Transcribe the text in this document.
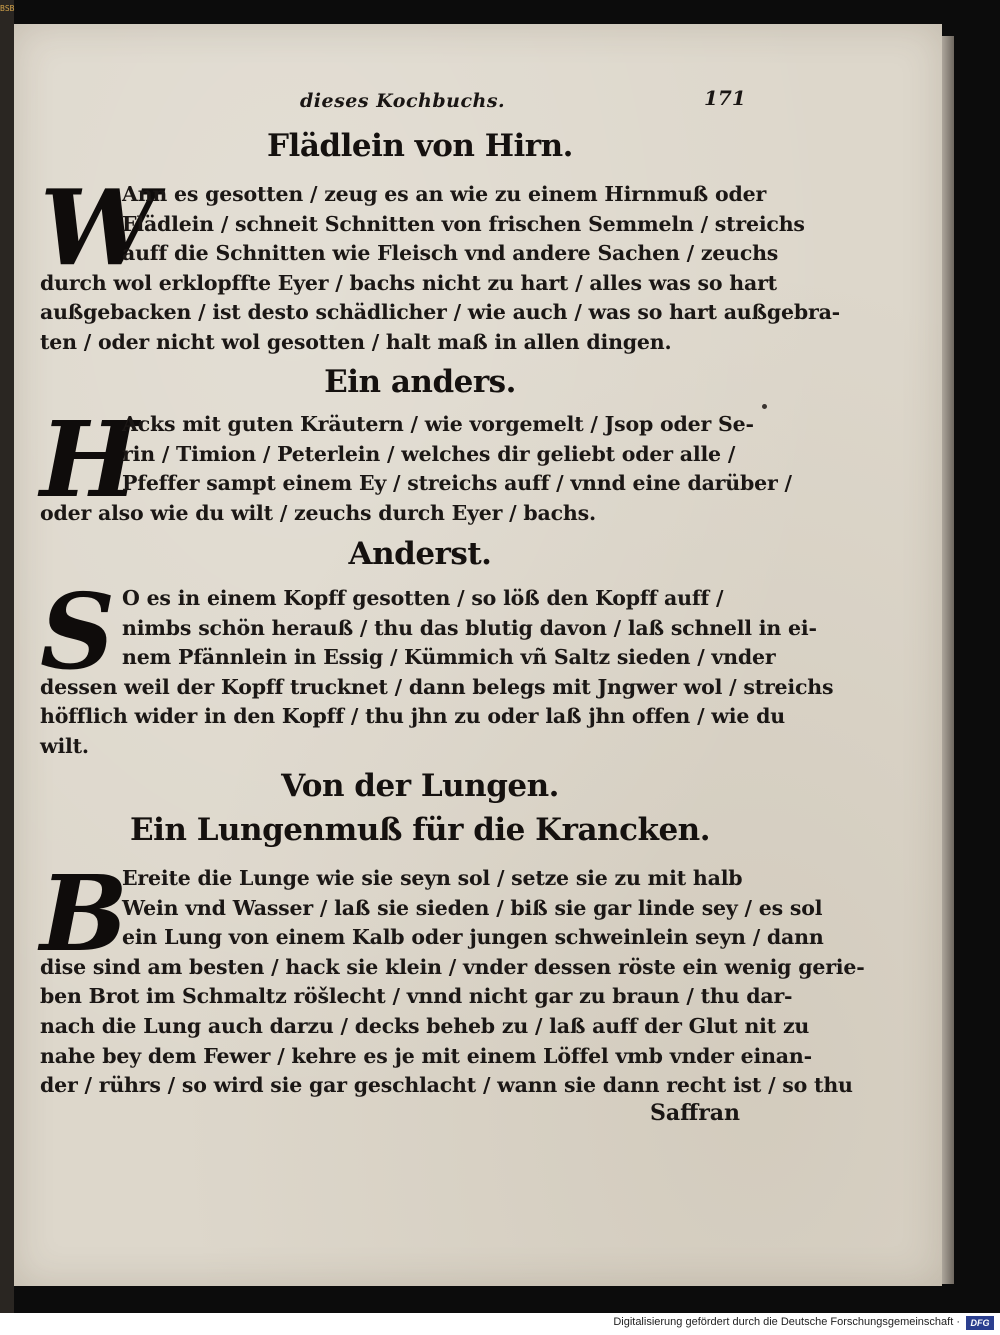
BSB
dieses Kochbuchs.	171
Flädlein von Hirn.
W
Ann es gesotten / zeug es an wie zu einem Hirnmuß oder
Flädlein / schneit Schnitten von frischen Semmeln / streichs
auff die Schnitten wie Fleisch vnd andere Sachen / zeuchs
durch wol erklopffte Eyer / bachs nicht zu hart / alles was so hart
außgebacken / ist desto schädlicher / wie auch / was so hart außgebra-
ten / oder nicht wol gesotten / halt maß in allen dingen.
Ein anders.
H
Acks mit guten Kräutern / wie vorgemelt / Jsop oder Se-
rin / Timion / Peterlein / welches dir geliebt oder alle /
Pfeffer sampt einem Ey / streichs auff / vnnd eine darüber /
oder also wie du wilt / zeuchs durch Eyer / bachs.
Anderst.
S O es in einem Kopff gesotten / so löß den Kopff auff /
nimbs schön herauß / thu das blutig davon / laß schnell in ei-
nem Pfännlein in Essig / Kümmich vñ Saltz sieden / vnder
dessen weil der Kopff trucknet / dann belegs mit Jngwer wol / streichs
höfflich wider in den Kopff / thu jhn zu oder laß jhn offen / wie du
wilt.
Von der Lungen.
Ein Lungenmuß für die Krancken.
B
Ereite die Lunge wie sie seyn sol / setze sie zu mit halb
Wein vnd Wasser / laß sie sieden / biß sie gar linde sey / es sol
ein Lung von einem Kalb oder jungen schweinlein seyn / dann
dise sind am besten / hack sie klein / vnder dessen röste ein wenig gerie-
ben Brot im Schmaltz röšlecht / vnnd nicht gar zu braun / thu dar-
nach die Lung auch darzu / decks beheb zu / laß auff der Glut nit zu
nahe bey dem Fewer / kehre es je mit einem Löffel vmb vnder einan-
der / rührs / so wird sie gar geschlacht / wann sie dann recht ist / so thu
Saffran
Digitalisierung gefördert durch die Deutsche Forschungsgemeinschaft ·	DFG
